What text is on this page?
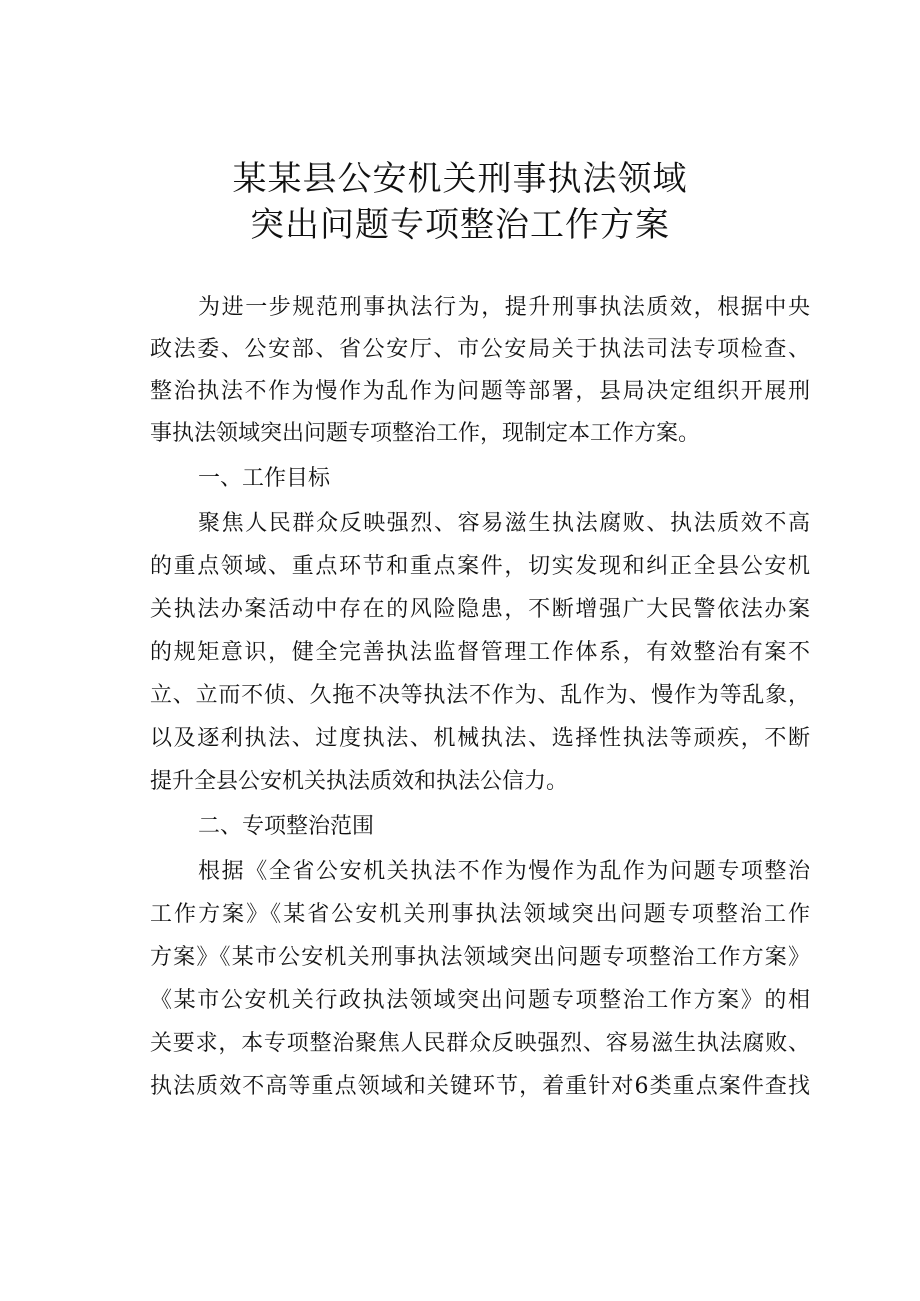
某某县公安机关刑事执法领域
突出问题专项整治工作方案
为进一步规范刑事执法行为，提升刑事执法质效，根据中央
政法委、公安部、省公安厅、市公安局关于执法司法专项检查、
整治执法不作为慢作为乱作为问题等部署，县局决定组织开展刑
事执法领域突出问题专项整治工作，现制定本工作方案。
一、工作目标
聚焦人民群众反映强烈、容易滋生执法腐败、执法质效不高
的重点领域、重点环节和重点案件，切实发现和纠正全县公安机
关执法办案活动中存在的风险隐患，不断增强广大民警依法办案
的规矩意识，健全完善执法监督管理工作体系，有效整治有案不
立、立而不侦、久拖不决等执法不作为、乱作为、慢作为等乱象，
以及逐利执法、过度执法、机械执法、选择性执法等顽疾，不断
提升全县公安机关执法质效和执法公信力。
二、专项整治范围
根据《全省公安机关执法不作为慢作为乱作为问题专项整治
工作方案》《某省公安机关刑事执法领域突出问题专项整治工作
方案》《某市公安机关刑事执法领域突出问题专项整治工作方案》
《某市公安机关行政执法领域突出问题专项整治工作方案》的相
关要求，本专项整治聚焦人民群众反映强烈、容易滋生执法腐败、
执法质效不高等重点领域和关键环节，着重针对6类重点案件查找
